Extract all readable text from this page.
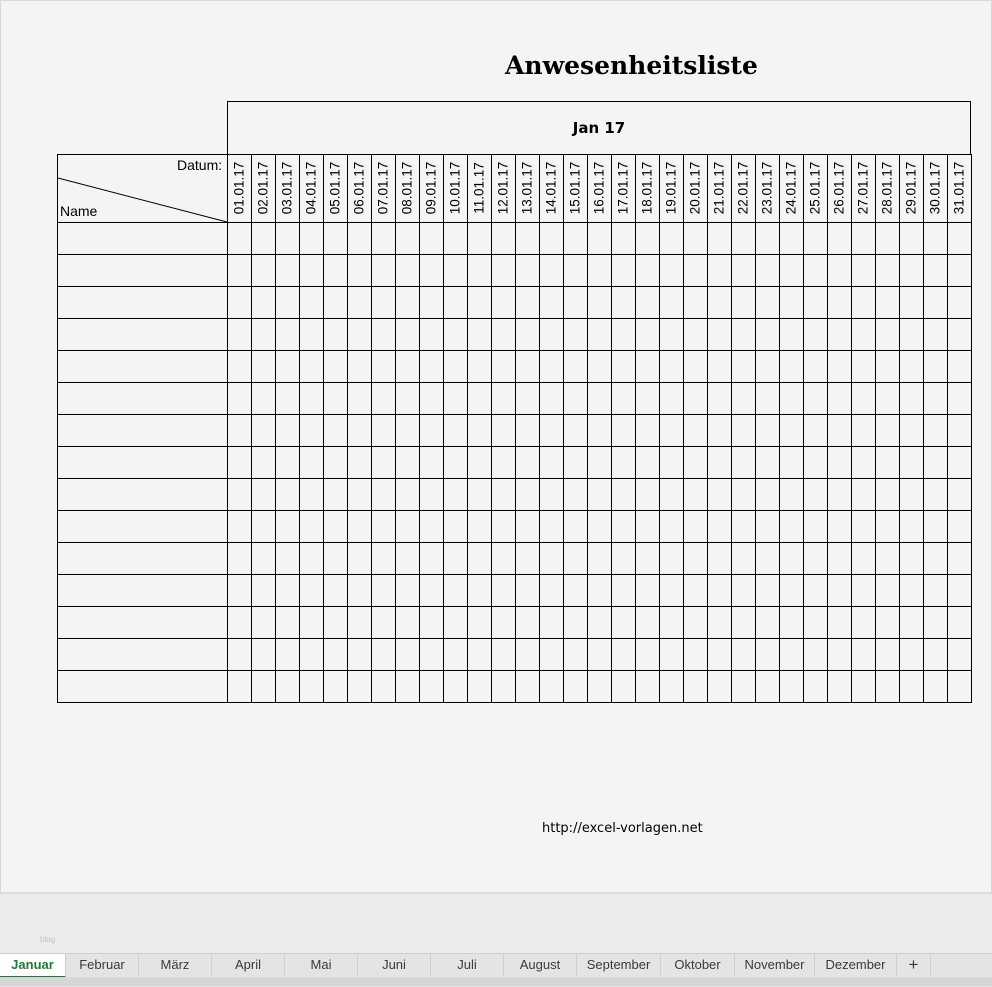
Anwesenheitsliste
Jan 17
Datum:
Name	01.01.17 02.01.17 03.01.17 04.01.17 05.01.17 06.01.17 07.01.17 08.01.17 09.01.17 10.01.17 11.01.17 12.01.17 13.01.17 14.01.17 15.01.17 16.01.17 17.01.17 18.01.17 19.01.17 20.01.17 21.01.17 22.01.17 23.01.17 24.01.17 25.01.17 26.01.17 27.01.17 28.01.17 29.01.17 30.01.17 31.01.17
http://excel-vorlagen.net
blog
Januar	Februar	März	April	Mai	Juni	Juli	August	September	Oktober	November	Dezember	+
